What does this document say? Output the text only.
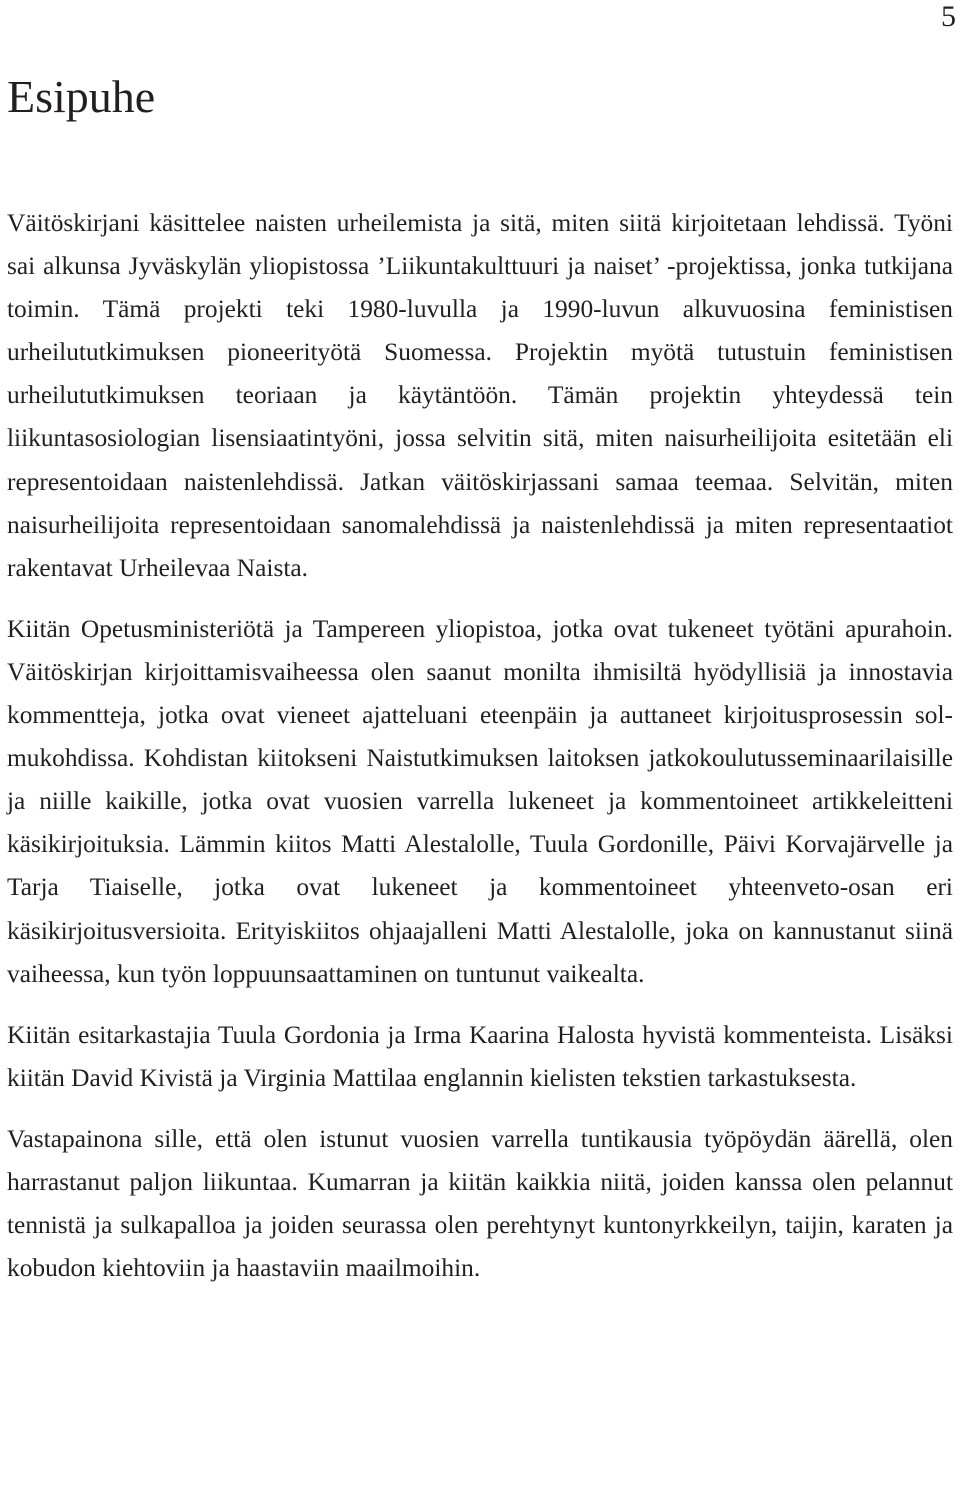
5
Esipuhe

Väitöskirjani käsittelee naisten urheilemista ja sitä, miten siitä kirjoitetaan lehdissä. Työni sai alkunsa Jyväskylän yliopistossa ’Liikuntakulttuuri ja naiset’ -projektissa, jonka tutkijana toimin. Tämä projekti teki 1980-luvulla ja 1990-luvun alkuvuosina feministisen urheilututkimuksen pioneerityötä Suomessa. Projektin myötä tutustuin feministisen urheilututkimuksen teoriaan ja käytäntöön. Tämän projektin yhteydessä tein liikuntasosiologian lisensiaatintyöni, jossa selvitin sitä, miten naisurheilijoita esitetään eli representoidaan naistenlehdissä. Jatkan väitöskirjassani samaa teemaa. Selvitän, miten naisurheilijoita representoidaan sanomalehdissä ja naistenlehdissä ja miten representaatiot rakentavat Urheilevaa Naista.

Kiitän Opetusministeriötä ja Tampereen yliopistoa, jotka ovat tukeneet työtäni apurahoin. Väitöskirjan kirjoittamisvaiheessa olen saanut monilta ihmisiltä hyödyllisiä ja innostavia kommentteja, jotka ovat vieneet ajatteluani eteenpäin ja auttaneet kirjoitusprosessin solmukohdissa. Kohdistan kiitokseni Naistutkimuksen laitoksen jatkokoulutusseminaarilaisille ja niille kaikille, jotka ovat vuosien varrella lukeneet ja kommentoineet artikkeleitteni käsikirjoituksia. Lämmin kiitos Matti Alestalolle, Tuula Gordonille, Päivi Korvajärvelle ja Tarja Tiaiselle, jotka ovat lukeneet ja kommentoineet yhteenveto-osan eri käsikirjoitusversioita. Erityiskiitos ohjaajalleni Matti Alestalolle, joka on kannustanut siinä vaiheessa, kun työn loppuunsaattaminen on tuntunut vaikealta.

Kiitän esitarkastajia Tuula Gordonia ja Irma Kaarina Halosta hyvistä kommenteista. Lisäksi kiitän David Kivistä ja Virginia Mattilaa englannin kielisten tekstien tarkastuksesta.

Vastapainona sille, että olen istunut vuosien varrella tuntikausia työpöydän äärellä, olen harrastanut paljon liikuntaa. Kumarran ja kiitän kaikkia niitä, joiden kanssa olen pelannut tennistä ja sulkapalloa ja joiden seurassa olen perehtynyt kuntonyrkkeilyn, taijin, karaten ja kobudon kiehtoviin ja haastaviin maailmoihin.
